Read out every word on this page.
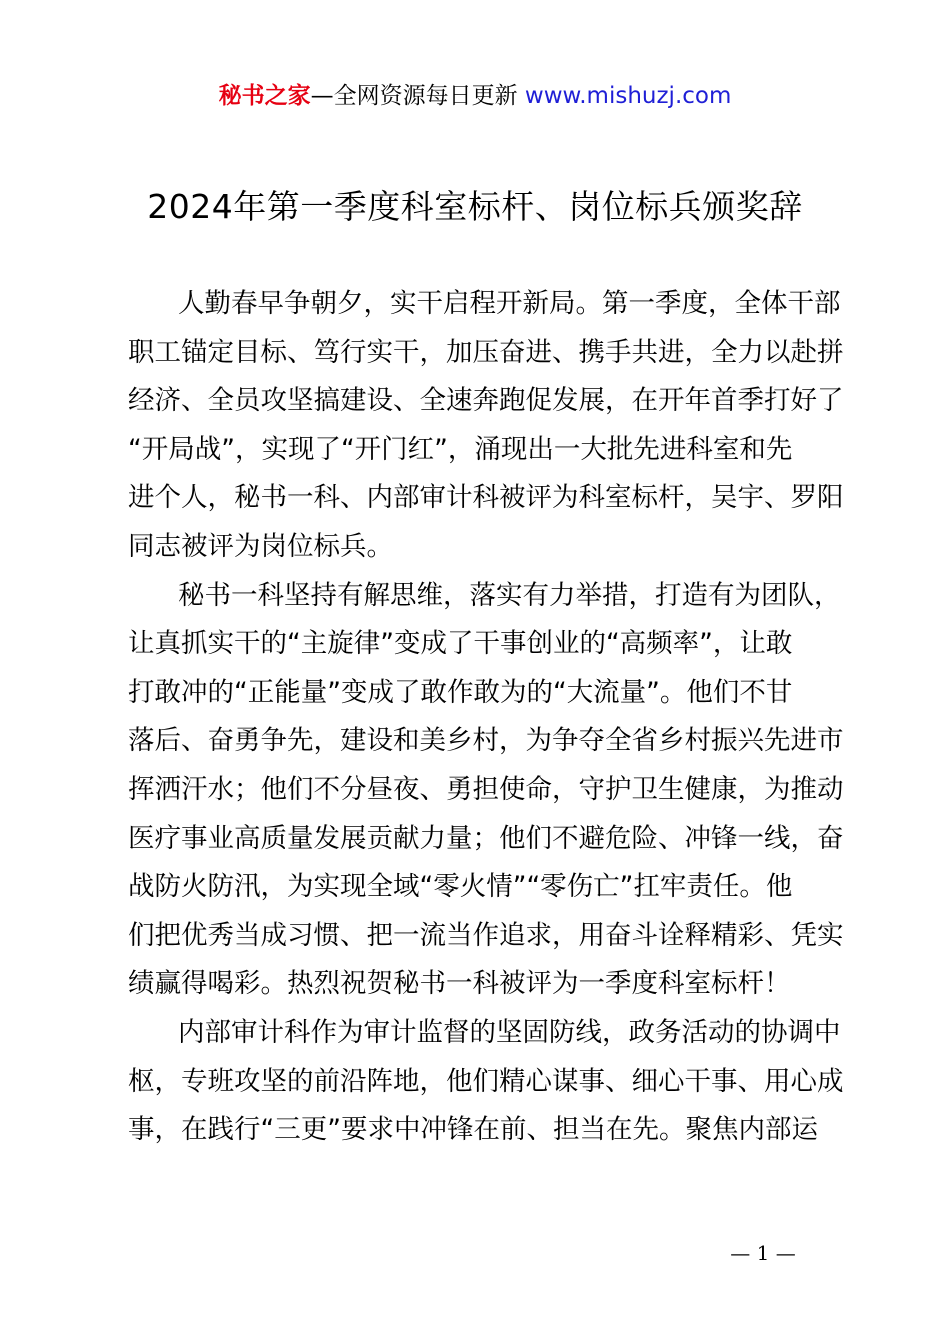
秘书之家—全网资源每日更新 www.mishuzj.com
2024年第一季度科室标杆、岗位标兵颁奖辞
人勤春早争朝夕，实干启程开新局。第一季度，全体干部
职工锚定目标、笃行实干，加压奋进、携手共进，全力以赴拼
经济、全员攻坚搞建设、全速奔跑促发展，在开年首季打好了
“开局战”，实现了“开门红”，涌现出一大批先进科室和先
进个人，秘书一科、内部审计科被评为科室标杆，吴宇、罗阳
同志被评为岗位标兵。
秘书一科坚持有解思维，落实有力举措，打造有为团队，
让真抓实干的“主旋律”变成了干事创业的“高频率”，让敢
打敢冲的“正能量”变成了敢作敢为的“大流量”。他们不甘
落后、奋勇争先，建设和美乡村，为争夺全省乡村振兴先进市
挥洒汗水；他们不分昼夜、勇担使命，守护卫生健康，为推动
医疗事业高质量发展贡献力量；他们不避危险、冲锋一线，奋
战防火防汛，为实现全域“零火情”“零伤亡”扛牢责任。他
们把优秀当成习惯、把一流当作追求，用奋斗诠释精彩、凭实
绩赢得喝彩。热烈祝贺秘书一科被评为一季度科室标杆！
内部审计科作为审计监督的坚固防线，政务活动的协调中
枢，专班攻坚的前沿阵地，他们精心谋事、细心干事、用心成
事，在践行“三更”要求中冲锋在前、担当在先。聚焦内部运
— 1 —
